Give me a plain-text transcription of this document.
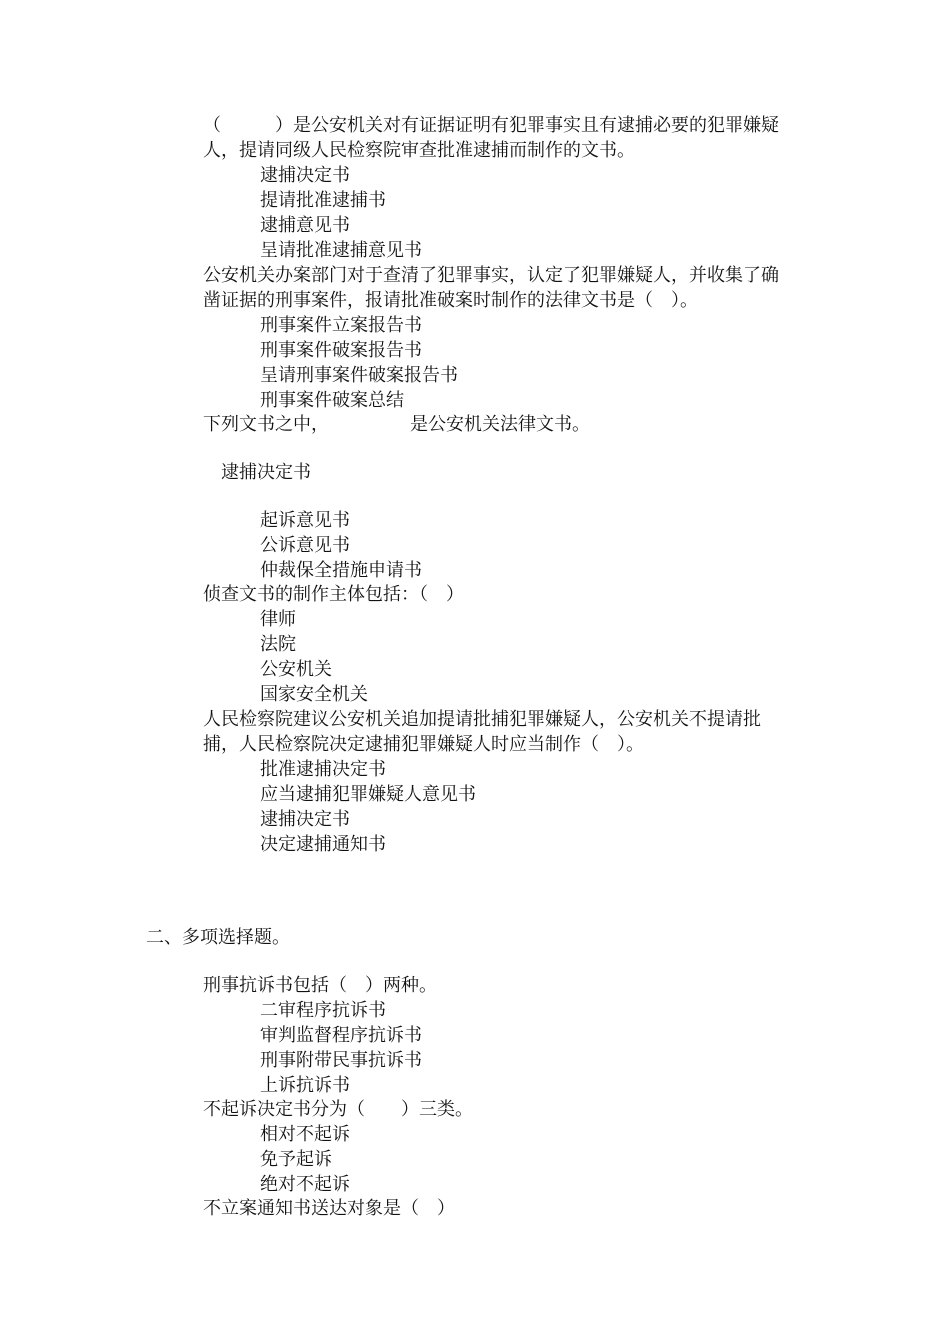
（　　　）是公安机关对有证据证明有犯罪事实且有逮捕必要的犯罪嫌疑
人，提请同级人民检察院审查批准逮捕而制作的文书。
逮捕决定书
提请批准逮捕书
逮捕意见书
呈请批准逮捕意见书
公安机关办案部门对于查清了犯罪事实，认定了犯罪嫌疑人，并收集了确
凿证据的刑事案件，报请批准破案时制作的法律文书是（　）。
刑事案件立案报告书
刑事案件破案报告书
呈请刑事案件破案报告书
刑事案件破案总结
下列文书之中，　　　　　是公安机关法律文书。
逮捕决定书
起诉意见书
公诉意见书
仲裁保全措施申请书
侦查文书的制作主体包括：（　）
律师
法院
公安机关
国家安全机关
人民检察院建议公安机关追加提请批捕犯罪嫌疑人，公安机关不提请批
捕，人民检察院决定逮捕犯罪嫌疑人时应当制作（　）。
批准逮捕决定书
应当逮捕犯罪嫌疑人意见书
逮捕决定书
决定逮捕通知书
二、多项选择题。
刑事抗诉书包括（　）两种。
二审程序抗诉书
审判监督程序抗诉书
刑事附带民事抗诉书
上诉抗诉书
不起诉决定书分为（　　）三类。
相对不起诉
免予起诉
绝对不起诉
不立案通知书送达对象是（　）
